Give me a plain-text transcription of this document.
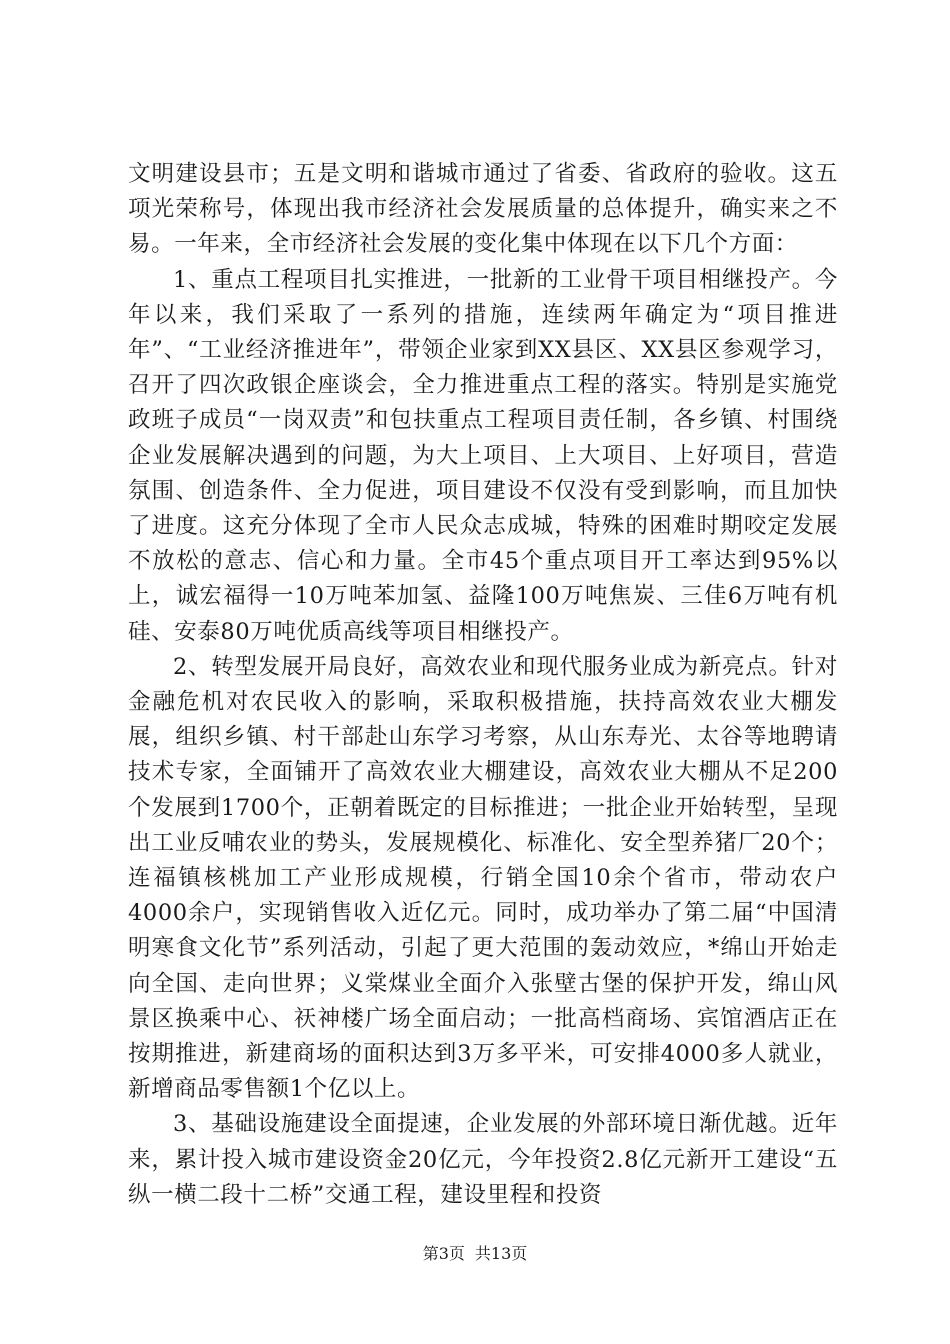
文明建设县市；五是文明和谐城市通过了省委、省政府的验收。这五项光荣称号，体现出我市经济社会发展质量的总体提升，确实来之不易。一年来，全市经济社会发展的变化集中体现在以下几个方面：

1、重点工程项目扎实推进，一批新的工业骨干项目相继投产。今年以来，我们采取了一系列的措施，连续两年确定为“项目推进年”、“工业经济推进年”，带领企业家到XX县区、XX县区参观学习，召开了四次政银企座谈会，全力推进重点工程的落实。特别是实施党政班子成员“一岗双责”和包扶重点工程项目责任制，各乡镇、村围绕企业发展解决遇到的问题，为大上项目、上大项目、上好项目，营造氛围、创造条件、全力促进，项目建设不仅没有受到影响，而且加快了进度。这充分体现了全市人民众志成城，特殊的困难时期咬定发展不放松的意志、信心和力量。全市45个重点项目开工率达到95%以上，诚宏福得一10万吨苯加氢、益隆100万吨焦炭、三佳6万吨有机硅、安泰80万吨优质高线等项目相继投产。

2、转型发展开局良好，高效农业和现代服务业成为新亮点。针对金融危机对农民收入的影响，采取积极措施，扶持高效农业大棚发展，组织乡镇、村干部赴山东学习考察，从山东寿光、太谷等地聘请技术专家，全面铺开了高效农业大棚建设，高效农业大棚从不足200个发展到1700个，正朝着既定的目标推进；一批企业开始转型，呈现出工业反哺农业的势头，发展规模化、标准化、安全型养猪厂20个；连福镇核桃加工产业形成规模，行销全国10余个省市，带动农户4000余户，实现销售收入近亿元。同时，成功举办了第二届“中国清明寒食文化节”系列活动，引起了更大范围的轰动效应，*绵山开始走向全国、走向世界；义棠煤业全面介入张壁古堡的保护开发，绵山风景区换乘中心、祆神楼广场全面启动；一批高档商场、宾馆酒店正在按期推进，新建商场的面积达到3万多平米，可安排4000多人就业，新增商品零售额1个亿以上。

3、基础设施建设全面提速，企业发展的外部环境日渐优越。近年来，累计投入城市建设资金20亿元，今年投资2.8亿元新开工建设“五纵一横二段十二桥”交通工程，建设里程和投资

第3页 共13页
